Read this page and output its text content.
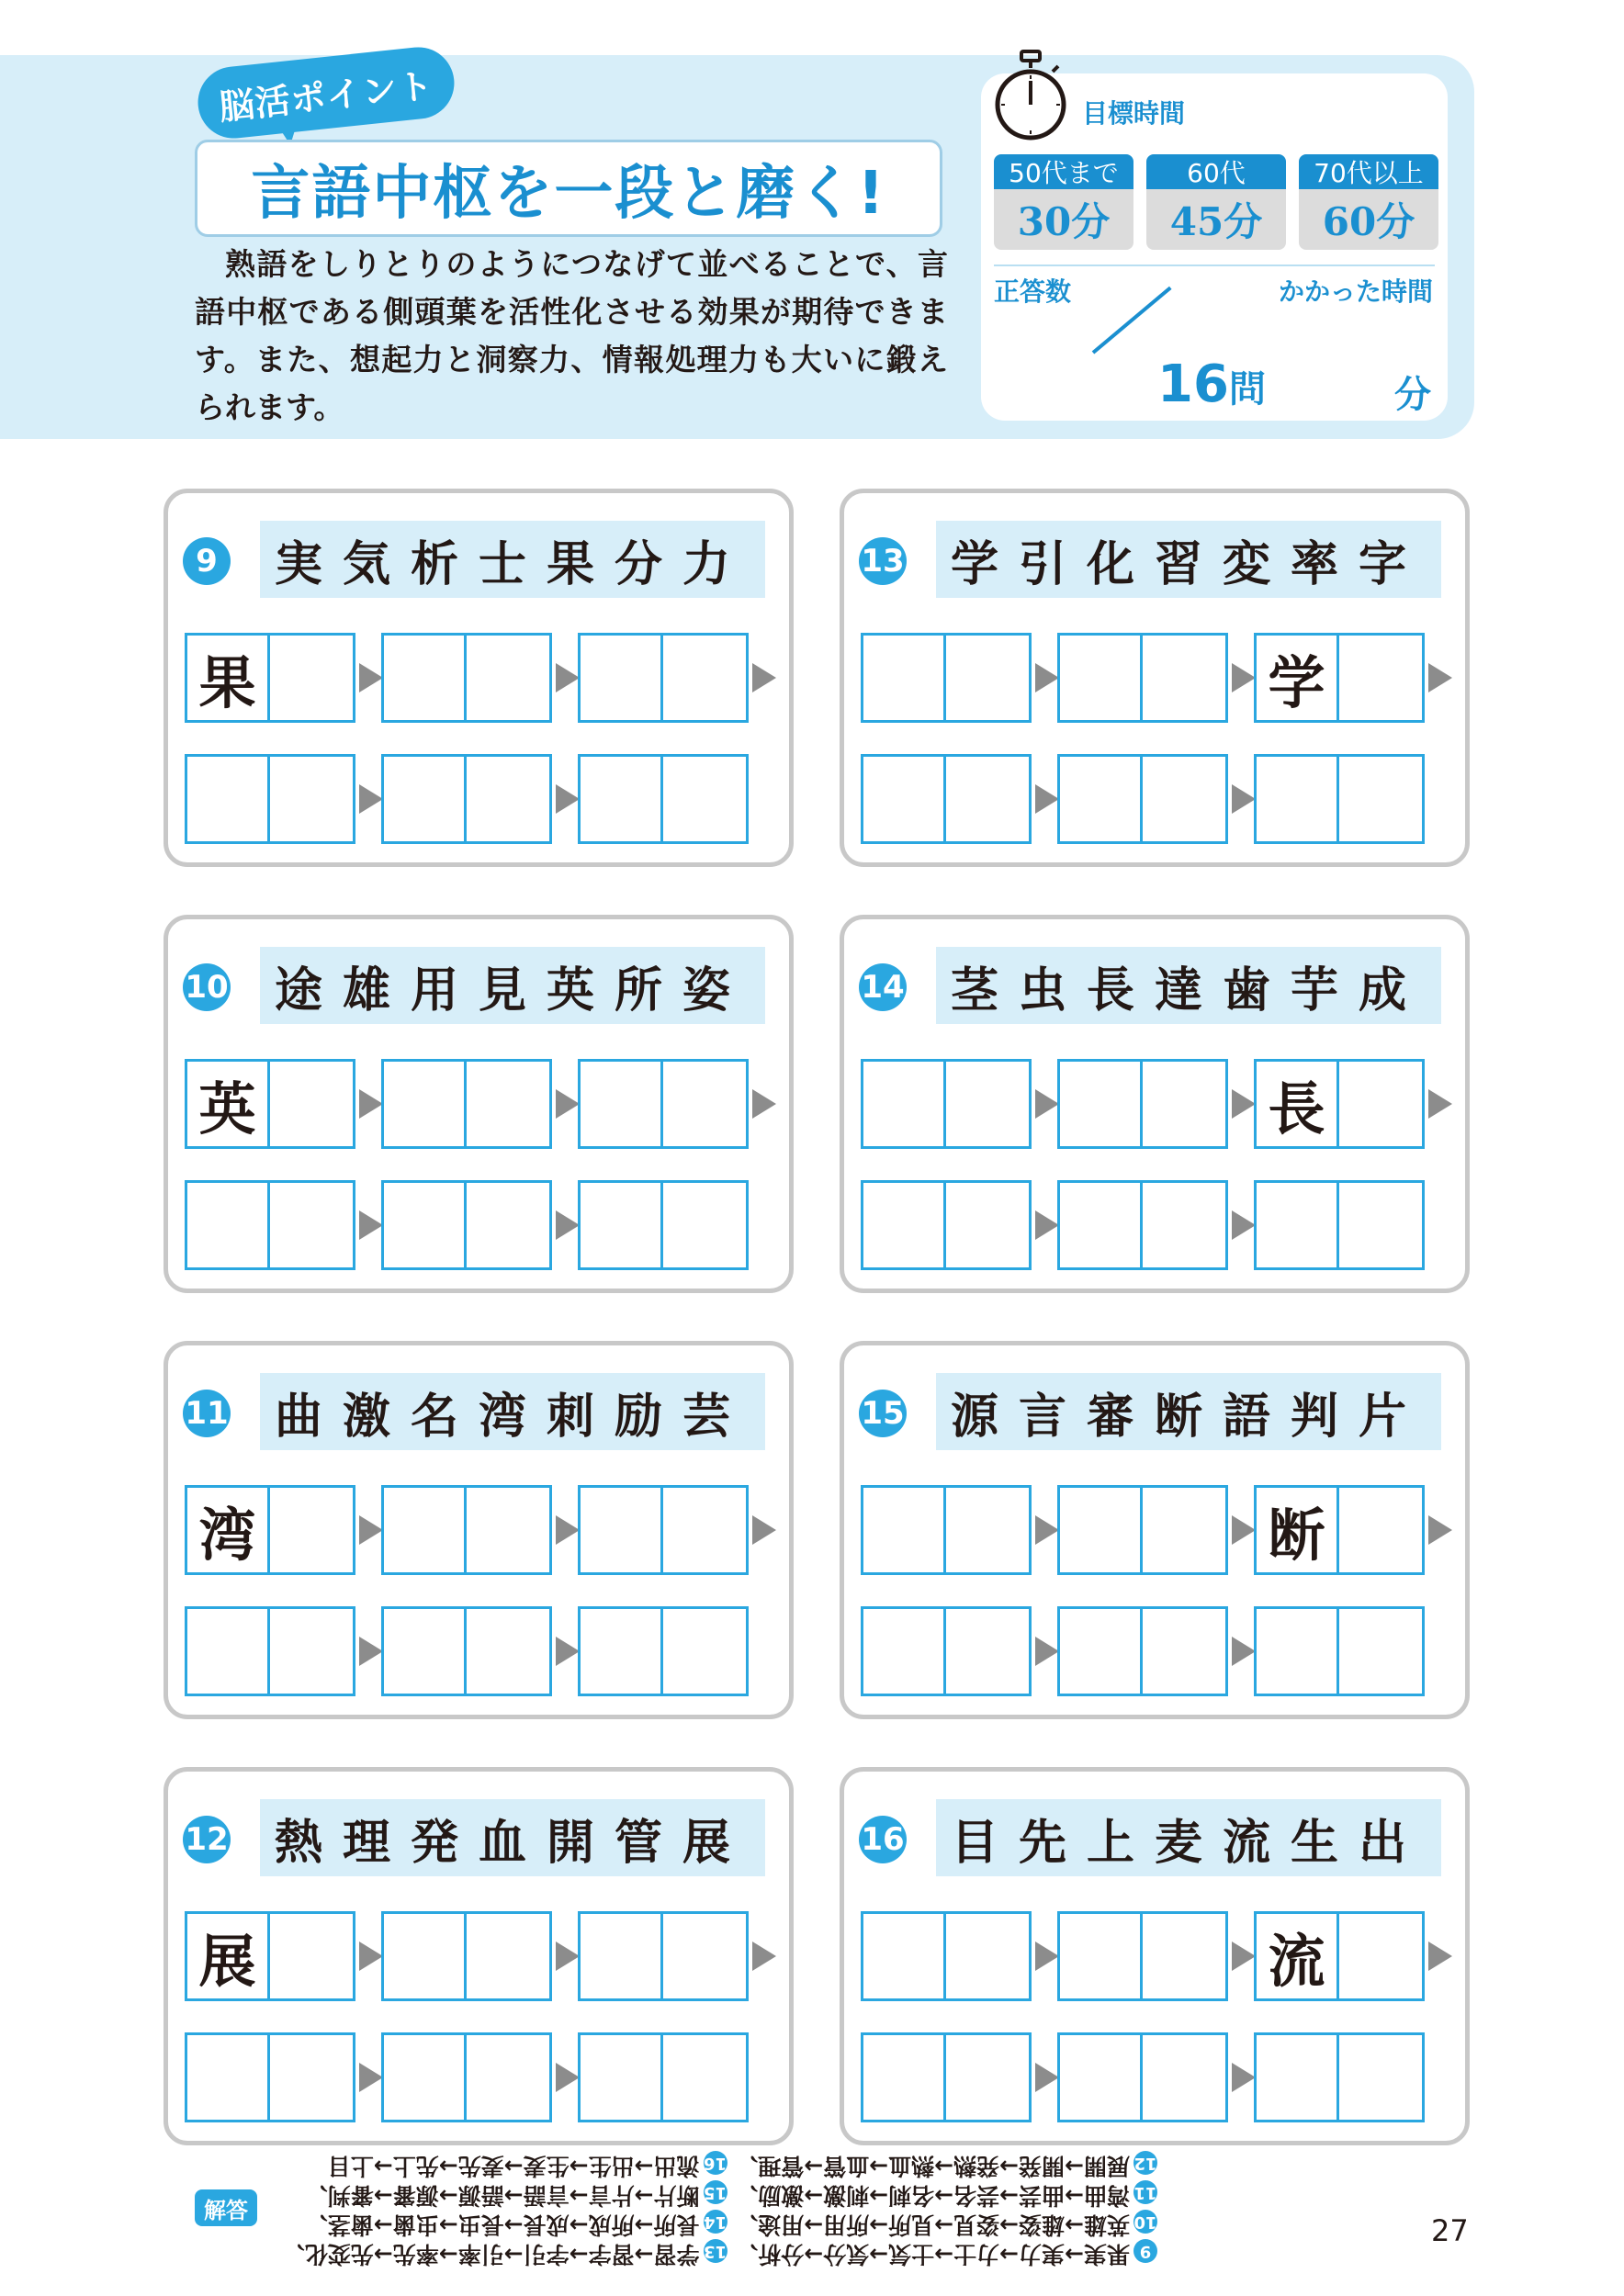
脳活ポイント
言語中枢を一段と磨く!
熟語をしりとりのようにつなげて並べることで、言語中枢である側頭葉を活性化させる効果が期待できます。また、想起力と洞察力、情報処理力も大いに鍛えられます。
目標時間
50代まで
30分
60代
45分
70代以上
60分
正答数	かかった時間
16問	分
9	実気析士果分力
果
13 学引化習変率字
学
10 途雄用見英所姿
英
14 茎虫長達歯芋成
長
11 曲激名湾刺励芸
湾
15 源言審断語判片
断
12 熱理発血開管展
展
16 目先上麦流生出
流
解答
9果実→実力→力士→士気→気分→分析、 13学習→習字→字引→引率→率先→先変化、
10英雄→雄姿→姿見→見所→所用→用途、 14長所→所成→成長→長虫→虫歯→歯茎、
11湾曲→曲芸→芸名→名刺→刺激→激励、 15断片→片言→言語→語源→源審→審判、
12展開→開発→発熱→熱血→血管→管理、 16流出→出生→生麦→麦先→先上→上目
27
